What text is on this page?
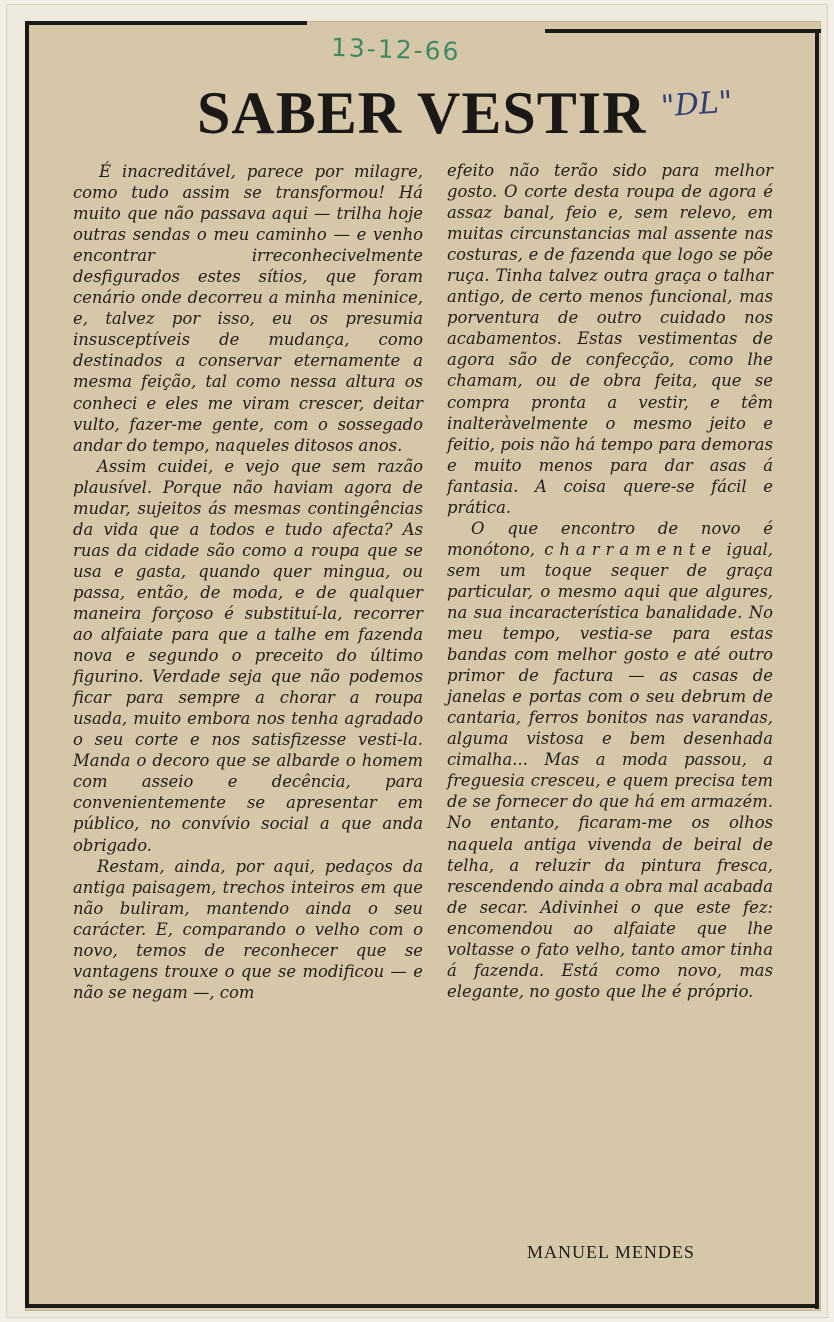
13-12-66
SABER VESTIR "DL"

É inacreditável, parece por milagre, como tudo assim se transformou! Há muito que não passava aqui — trilha hoje outras sendas o meu caminho — e venho encontrar irreconhecivelmente desfigurados estes sítios, que foram cenário onde decorreu a minha meninice, e, talvez por isso, eu os presumia insusceptíveis de mudança, como destinados a conservar eternamente a mesma feição, tal como nessa altura os conheci e eles me viram crescer, deitar vulto, fazer-me gente, com o sossegado andar do tempo, naqueles ditosos anos.

Assim cuidei, e vejo que sem razão plausível. Porque não haviam agora de mudar, sujeitos ás mesmas contingências da vida que a todos e tudo afecta? As ruas da cidade são como a roupa que se usa e gasta, quando quer mingua, ou passa, então, de moda, e de qualquer maneira forçoso é substituí-la, recorrer ao alfaiate para que a talhe em fazenda nova e segundo o preceito do último figurino. Verdade seja que não podemos ficar para sempre a chorar a roupa usada, muito embora nos tenha agradado o seu corte e nos satisfizesse vesti-la. Manda o decoro que se albarde o homem com asseio e decência, para convenientemente se apresentar em público, no convívio social a que anda obrigado.

Restam, ainda, por aqui, pedaços da antiga paisagem, trechos inteiros em que não buliram, mantendo ainda o seu carácter. E, comparando o velho com o novo, temos de reconhecer que se vantagens trouxe o que se modificou — e não se negam —, com

efeito não terão sido para melhor gosto. O corte desta roupa de agora é assaz banal, feio e, sem relevo, em muitas circunstancias mal assente nas costuras, e de fazenda que logo se põe ruça. Tinha talvez outra graça o talhar antigo, de certo menos funcional, mas porventura de outro cuidado nos acabamentos. Estas vestimentas de agora são de confecção, como lhe chamam, ou de obra feita, que se compra pronta a vestir, e têm inalteràvelmente o mesmo jeito e feitio, pois não há tempo para demoras e muito menos para dar asas á fantasia. A coisa quere-se fácil e prática.

O que encontro de novo é monótono, charramente igual, sem um toque sequer de graça particular, o mesmo aqui que algures, na sua incaracterística banalidade. No meu tempo, vestia-se para estas bandas com melhor gosto e até outro primor de factura — as casas de janelas e portas com o seu debrum de cantaria, ferros bonitos nas varandas, alguma vistosa e bem desenhada cimalha... Mas a moda passou, a freguesia cresceu, e quem precisa tem de se fornecer do que há em armazém. No entanto, ficaram-me os olhos naquela antiga vivenda de beiral de telha, a reluzir da pintura fresca, rescendendo ainda a obra mal acabada de secar. Adivinhei o que este fez: encomendou ao alfaiate que lhe voltasse o fato velho, tanto amor tinha á fazenda. Está como novo, mas elegante, no gosto que lhe é próprio.

MANUEL MENDES
